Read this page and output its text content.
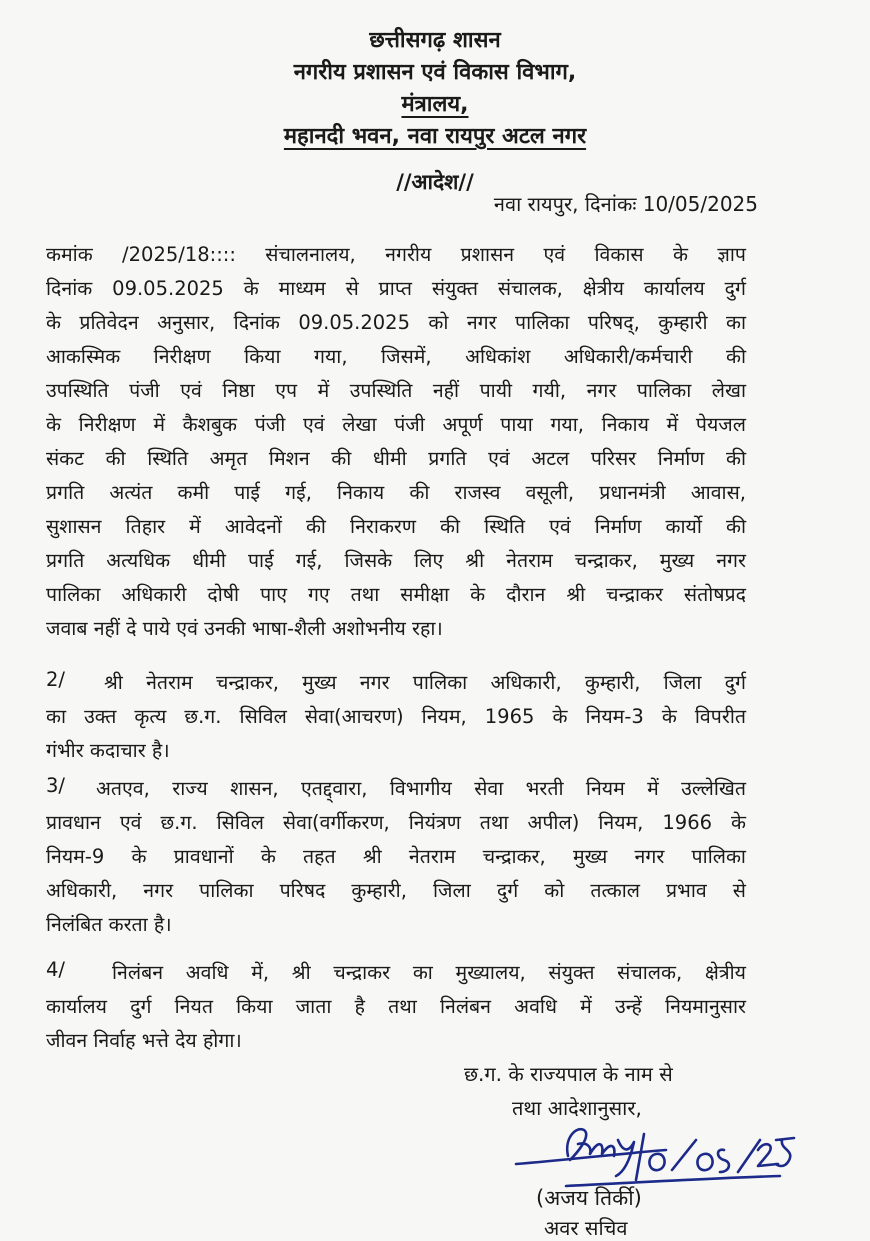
छत्तीसगढ़ शासन
नगरीय प्रशासन एवं विकास विभाग,
मंत्रालय,
महानदी भवन, नवा रायपुर अटल नगर
//आदेश//
नवा रायपुर, दिनांकः 10/05/2025
कमांक /2025/18:::: संचालनालय, नगरीय प्रशासन एवं विकास के ज्ञाप
दिनांक 09.05.2025 के माध्यम से प्राप्त संयुक्त संचालक, क्षेत्रीय कार्यालय दुर्ग
के प्रतिवेदन अनुसार, दिनांक 09.05.2025 को नगर पालिका परिषद्, कुम्हारी का
आकस्मिक निरीक्षण किया गया, जिसमें, अधिकांश अधिकारी/कर्मचारी की
उपस्थिति पंजी एवं निष्ठा एप में उपस्थिति नहीं पायी गयी, नगर पालिका लेखा
के निरीक्षण में कैशबुक पंजी एवं लेखा पंजी अपूर्ण पाया गया, निकाय में पेयजल
संकट की स्थिति अमृत मिशन की धीमी प्रगति एवं अटल परिसर निर्माण की
प्रगति अत्यंत कमी पाई गई, निकाय की राजस्व वसूली, प्रधानमंत्री आवास,
सुशासन तिहार में आवेदनों की निराकरण की स्थिति एवं निर्माण कार्यो की
प्रगति अत्यधिक धीमी पाई गई, जिसके लिए श्री नेतराम चन्द्राकर, मुख्य नगर
पालिका अधिकारी दोषी पाए गए तथा समीक्षा के दौरान श्री चन्द्राकर संतोषप्रद
जवाब नहीं दे पाये एवं उनकी भाषा-शैली अशोभनीय रहा।
2/ श्री नेतराम चन्द्राकर, मुख्य नगर पालिका अधिकारी, कुम्हारी, जिला दुर्ग
का उक्त कृत्य छ.ग. सिविल सेवा(आचरण) नियम, 1965 के नियम-3 के विपरीत
गंभीर कदाचार है।
3/ अतएव, राज्य शासन, एतद्द्वारा, विभागीय सेवा भरती नियम में उल्लेखित
प्रावधान एवं छ.ग. सिविल सेवा(वर्गीकरण, नियंत्रण तथा अपील) नियम, 1966 के
नियम-9 के प्रावधानों के तहत श्री नेतराम चन्द्राकर, मुख्य नगर पालिका
अधिकारी, नगर पालिका परिषद कुम्हारी, जिला दुर्ग को तत्काल प्रभाव से
निलंबित करता है।
4/ निलंबन अवधि में, श्री चन्द्राकर का मुख्यालय, संयुक्त संचालक, क्षेत्रीय
कार्यालय दुर्ग नियत किया जाता है तथा निलंबन अवधि में उन्हें नियमानुसार
जीवन निर्वाह भत्ते देय होगा।
छ.ग. के राज्यपाल के नाम से
तथा आदेशानुसार,
(अजय तिर्की)
अवर सचिव
